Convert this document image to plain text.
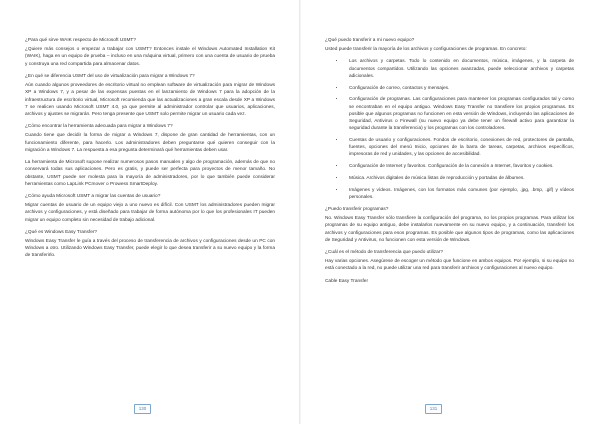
¿Para qué sirve WAIK respecto de Microsoft USMT?

¿Quiere más consejos o empezar a trabajar con USMT? Entonces instale el Windows Automated Installation Kit (WAIK), haga en un equipo de prueba – incluso en una máquina virtual, primero con una cuenta de usuario de prueba y construya una red compartida para almacenar datos.

¿En qué se diferencia USMT del uso de virtualización para migrar a Windows 7?

Aún cuando algunos proveedores de escritorio virtual no emplean software de virtualización para migrar de Windows XP a Windows 7, y a pesar de las expensas puestas en el lanzamiento de Windows 7 para la adopción de la infraestructura de escritorio virtual, Microsoft recomienda que las actualizaciones a gran escala desde XP a Windows 7 se realicen usando Microsoft USMT 4.0, ya que permite al administrador controlar que usuarios, aplicaciones, archivos y ajustes se migrarán. Pero tenga presente que USMT solo permite migrar un usuario cada vez.

¿Cómo encontrar la herramienta adecuada para migrar a Windows 7?

Cuando tiene que decidir la forma de migrar a Windows 7, dispone de gran cantidad de herramientas, con un funcionamiento diferente, para hacerlo. Los administradores deben preguntarse qué quieren conseguir con la migración a Windows 7. La respuesta a esa pregunta determinará qué herramientas deben usar.

La herramienta de Microsoft supone realizar numerosos pasos manuales y algo de programación, además de que no conservará todas sus aplicaciones. Pero es gratis, y puede ser perfecta para proyectos de menor tamaño. No obstante, USMT puede ser molesta para la mayoría de administradores, por lo que también puede considerar herramientas como LapLink PCmover o Prowess SmartDeploy.

¿Cómo ayuda Microsoft USMT a migrar las cuentas de usuario?

Migrar cuentas de usuario de un equipo viejo a uno nuevo es difícil. Con USMT los administradores pueden migrar archivos y configuraciones, y está diseñado para trabajar de forma autónoma por lo que los profesionales IT pueden migrar un equipo completo sin necesidad de trabajo adicional.

¿Qué es Windows Easy Transfer?

Windows Easy Transfer le guía a través del proceso de transferencia de archivos y configuraciones desde un PC con Windows a otro. Utilizando Windows Easy Transfer, puede elegir lo que desea transferir a su nuevo equipo y la forma de transferirlo.

130

¿Qué puedo transferir a mi nuevo equipo?

Usted puede transferir la mayoría de los archivos y configuraciones de programas. En concreto:

• Los archivos y carpetas. Todo lo contenido en documentos, música, imágenes, y la carpeta de documentos compartidos. Utilizando las opciones avanzadas, puede seleccionar archivos y carpetas adicionales.
• Configuración de correo, contactos y mensajes.
• Configuración de programas. Las configuraciones para mantener los programas configurados tal y como se encontraban en el equipo antiguo. Windows Easy Transfer no transfiere los propios programas. Es posible que algunos programas no funcionen en esta versión de Windows, incluyendo las aplicaciones de Seguridad, Antivirus o Firewall (su nuevo equipo ya debe tener un firewall activo para garantizar la seguridad durante la transferencia) y los programas con los controladores.
• Cuentas de usuario y configuraciones. Fondos de escritorio, conexiones de red, protectores de pantalla, fuentes, opciones del menú Inicio, opciones de la barra de tareas, carpetas, archivos específicos, impresoras de red y unidades, y las opciones de accesibilidad.
• Configuración de Internet y favoritos. Configuración de la conexión a Internet, favoritos y cookies.
• Música. Archivos digitales de música listas de reproducción y portadas de álbumes.
• Imágenes y vídeos. Imágenes, con los formatos más comunes (por ejemplo, .jpg, .bmp, .gif) y vídeos personales.

¿Puedo transferir programas?

No. Windows Easy Transfer sólo transfiere la configuración del programa, no los propios programas. Para utilizar los programas de su equipo antiguo, debe instalarlos nuevamente en su nuevo equipo, y a continuación, transferir los archivos y configuraciones para esos programas. Es posible que algunos tipos de programas, como las aplicaciones de Seguridad y Antivirus, no funcionen con esta versión de Windows.

¿Cuál es el método de transferencia que puedo utilizar?

Hay varias opciones. Asegúrese de escoger un método que funcione en ambos equipos. Por ejemplo, si su equipo no está conectado a la red, no puede utilizar una red para transferir archivos y configuraciones al nuevo equipo.

Cable Easy Transfer

131
